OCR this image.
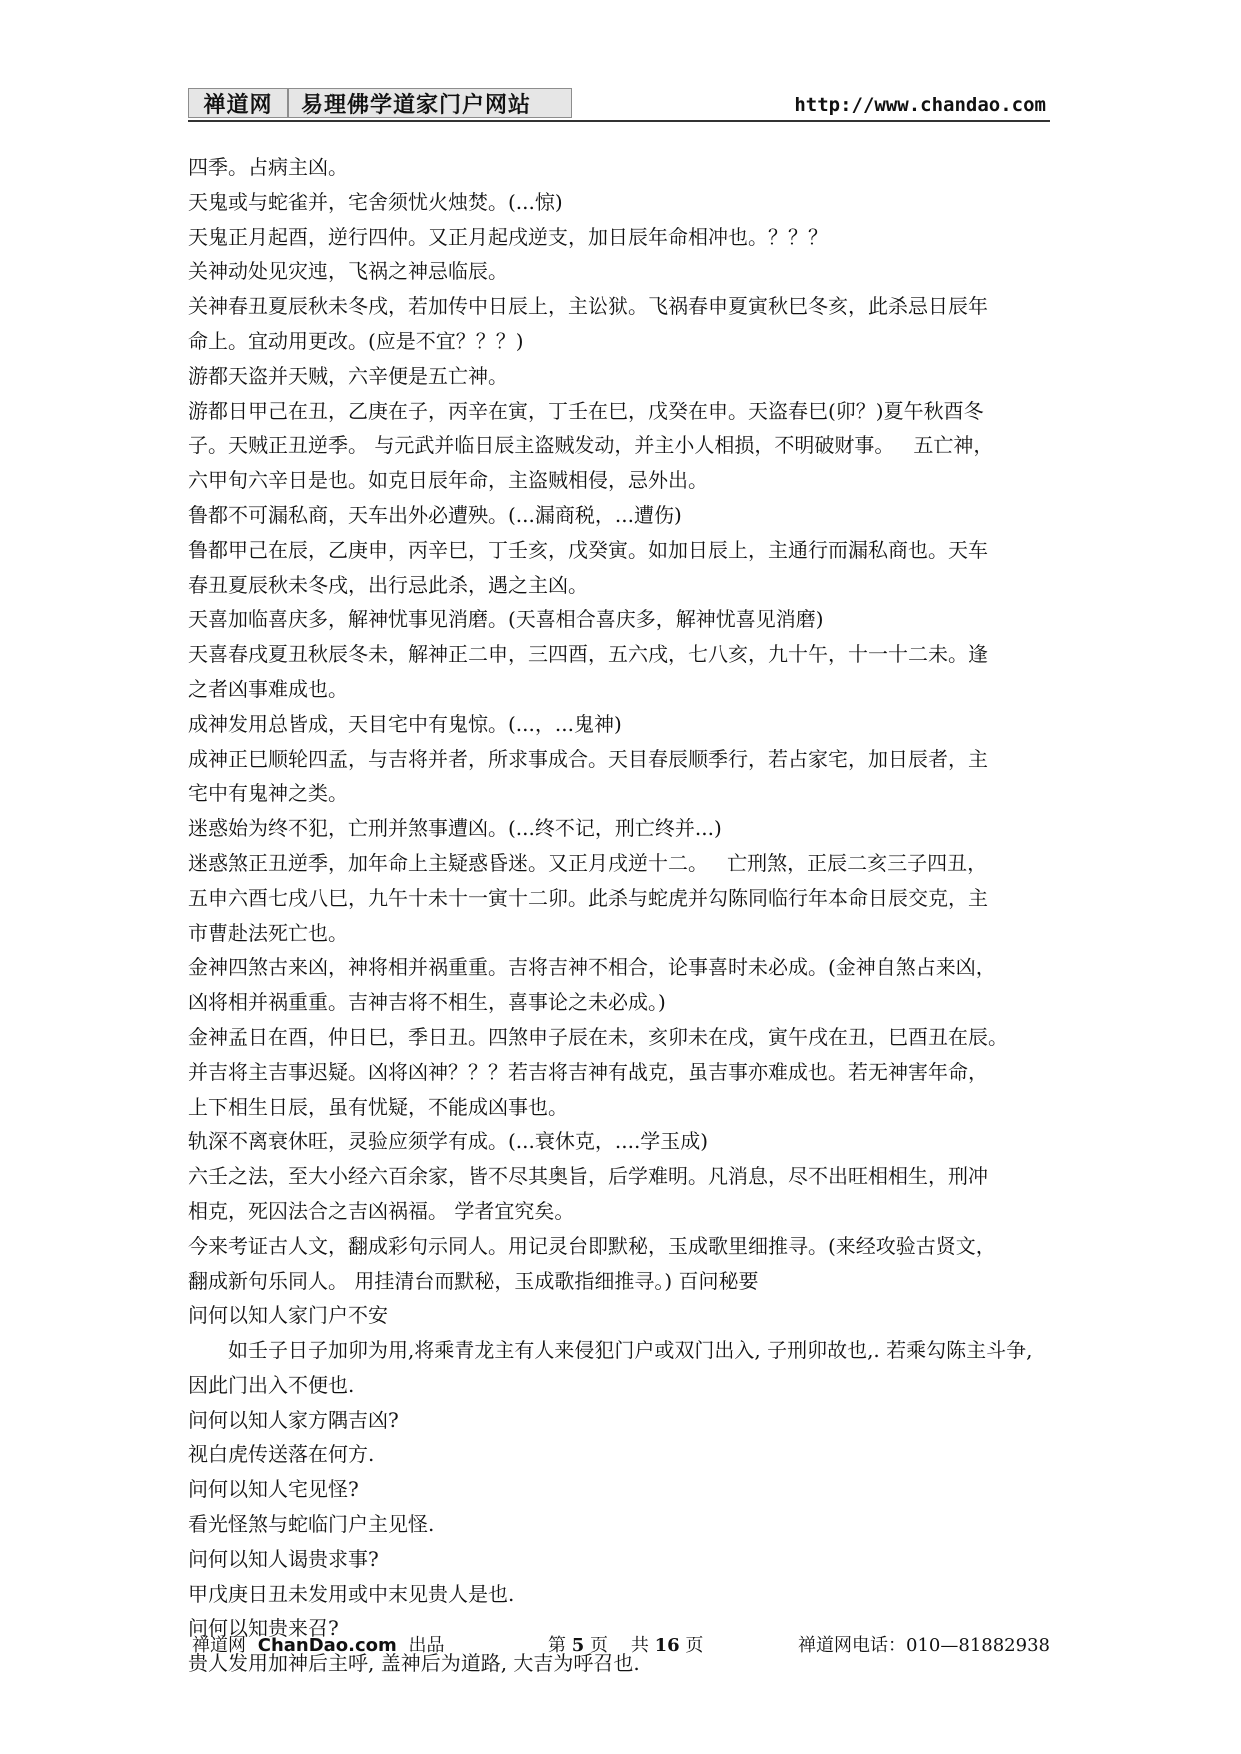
禅道网	易理佛学道家门户网站	http://www.chandao.com

四季。占病主凶。

天鬼或与蛇雀并，宅舍须忧火烛焚。(...惊)

天鬼正月起酉，逆行四仲。又正月起戌逆支，加日辰年命相冲也。？？？

关神动处见灾迍，飞祸之神忌临辰。

关神春丑夏辰秋未冬戌，若加传中日辰上，主讼狱。飞祸春申夏寅秋巳冬亥，此杀忌日辰年

命上。宜动用更改。(应是不宜？？？)

游都天盗并天贼，六辛便是五亡神。

游都日甲己在丑，乙庚在子，丙辛在寅，丁壬在巳，戊癸在申。天盗春巳(卯？)夏午秋酉冬

子。天贼正丑逆季。 与元武并临日辰主盗贼发动，并主小人相损，不明破财事。   五亡神，

六甲旬六辛日是也。如克日辰年命，主盗贼相侵，忌外出。

鲁都不可漏私商，天车出外必遭殃。(...漏商税，...遭伤)

鲁都甲己在辰，乙庚申，丙辛巳，丁壬亥，戊癸寅。如加日辰上，主通行而漏私商也。天车

春丑夏辰秋未冬戌，出行忌此杀，遇之主凶。

天喜加临喜庆多，解神忧事见消磨。(天喜相合喜庆多，解神忧喜见消磨)

天喜春戌夏丑秋辰冬未，解神正二申，三四酉，五六戌，七八亥，九十午，十一十二未。逢

之者凶事难成也。

成神发用总皆成，天目宅中有鬼惊。(...，...鬼神)

成神正巳顺轮四孟，与吉将并者，所求事成合。天目春辰顺季行，若占家宅，加日辰者，主

宅中有鬼神之类。

迷惑始为终不犯，亡刑并煞事遭凶。(...终不记，刑亡终并...)

迷惑煞正丑逆季，加年命上主疑惑昏迷。又正月戌逆十二。   亡刑煞，正辰二亥三子四丑，

五申六酉七戌八巳，九午十未十一寅十二卯。此杀与蛇虎并勾陈同临行年本命日辰交克，主

市曹赴法死亡也。

金神四煞古来凶，神将相并祸重重。吉将吉神不相合，论事喜时未必成。(金神自煞占来凶，

凶将相并祸重重。吉神吉将不相生，喜事论之未必成。)

金神孟日在酉，仲日巳，季日丑。四煞申子辰在未，亥卯未在戌，寅午戌在丑，巳酉丑在辰。

并吉将主吉事迟疑。凶将凶神？？？若吉将吉神有战克，虽吉事亦难成也。若无神害年命，

上下相生日辰，虽有忧疑，不能成凶事也。

轨深不离衰休旺，灵验应须学有成。(...衰休克，....学玉成)

六壬之法，至大小经六百余家，皆不尽其奥旨，后学难明。凡消息，尽不出旺相相生，刑冲

相克，死囚法合之吉凶祸福。 学者宜究矣。

今来考证古人文，翻成彩句示同人。用记灵台即默秘，玉成歌里细推寻。(来经攻验古贤文，

翻成新句乐同人。 用挂清台而默秘，玉成歌指细推寻。) 百问秘要

问何以知人家门户不安

如壬子日子加卯为用,将乘青龙主有人来侵犯门户或双门出入, 子刑卯故也,. 若乘勾陈主斗争,

因此门出入不便也.

问何以知人家方隅吉凶?

视白虎传送落在何方.

问何以知人宅见怪?

看光怪煞与蛇临门户主见怪.

问何以知人谒贵求事?

甲戊庚日丑未发用或中末见贵人是也.

问何以知贵来召?

贵人发用加神后主呼, 盖神后为道路, 大吉为呼召也.

禅道网 ChanDao.com 出品	第 5 页 共 16 页	禅道网电话：010—81882938
